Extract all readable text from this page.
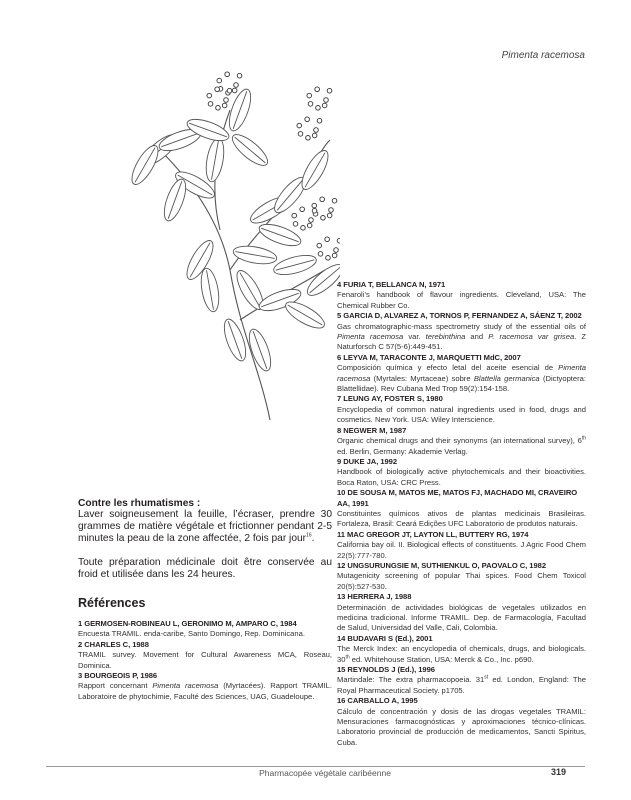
Pimenta racemosa

Contre les rhumatismes :

Laver soigneusement la feuille, l’écraser, prendre 30 grammes de matière végétale et frictionner pendant 2-5 minutes la peau de la zone affectée, 2 fois par jour$^{16}$.

Toute préparation médicinale doit être conservée au froid et utilisée dans les 24 heures.

Références
1 GERMOSEN-ROBINEAU L, GERONIMO M, AMPARO C, 1984
Encuesta TRAMIL. enda-caribe, Santo Domingo, Rep. Dominicana.
2 CHARLES C, 1988
TRAMIL survey. Movement for Cultural Awareness MCA, Roseau, Dominica.
3 BOURGEOIS P, 1986
Rapport concernant Pimenta racemosa (Myrtacées). Rapport TRAMIL. Laboratoire de phytochimie, Faculté des Sciences, UAG, Guadeloupe.
4 FURIA T, BELLANCA N, 1971
Fenaroli’s handbook of flavour ingredients. Cleveland, USA: The Chemical Rubber Co.
5 GARCIA D, ALVAREZ A, TORNOS P, FERNANDEZ A, SÁENZ T, 2002
Gas chromatographic-mass spectrometry study of the essential oils of Pimenta racemosa var. terebinthina and P. racemosa var grisea. Z Naturforsch C 57(5-6):449-451.
6 LEYVA M, TARACONTE J, MARQUETTI MdC, 2007
Composición química y efecto letal del aceite esencial de Pimenta racemosa (Myrtales: Myrtaceae) sobre Blattella germanica (Dictyoptera: Blattellidae). Rev Cubana Med Trop 59(2):154-158.
7 LEUNG AY, FOSTER S, 1980
Encyclopedia of common natural ingredients used in food, drugs and cosmetics. New York. USA: Wiley Interscience.
8 NEGWER M, 1987
Organic chemical drugs and their synonyms (an international survey), 6th ed. Berlin, Germany: Akademie Verlag.
9 DUKE JA, 1992
Handbook of biologically active phytochemicals and their bioactivities. Boca Raton, USA: CRC Press.
10 DE SOUSA M, MATOS ME, MATOS FJ, MACHADO MI, CRAVEIRO AA, 1991
Constituintes químicos ativos de plantas medicinais Brasileiras. Fortaleza, Brasil: Ceará Edições UFC Laboratorio de produtos naturais.
11 MAC GREGOR JT, LAYTON LL, BUTTERY RG, 1974
California bay oil. II. Biological effects of constituents. J Agric Food Chem 22(5):777-780.
12 UNGSURUNGSIE M, SUTHIENKUL O, PAOVALO C, 1982
Mutagenicity screening of popular Thai spices. Food Chem Toxicol 20(5):527-530.
13 HERRERA J, 1988
Determinación de actividades biológicas de vegetales utilizados en medicina tradicional. Informe TRAMIL. Dep. de Farmacología, Facultad de Salud, Universidad del Valle, Cali, Colombia.
14 BUDAVARI S (Ed.), 2001
The Merck Index: an encyclopedia of chemicals, drugs, and biologicals. 30th ed. Whitehouse Station, USA: Merck & Co., Inc. p690.
15 REYNOLDS J (Ed.), 1996
Martindale: The extra pharmacopoeia. 31st ed. London, England: The Royal Pharmaceutical Society. p1705.
16 CARBALLO A, 1995
Cálculo de concentración y dosis de las drogas vegetales TRAMIL: Mensuraciones farmacognósticas y aproximaciones técnico-clínicas. Laboratorio provincial de producción de medicamentos, Sancti Spiritus, Cuba.
Pharmacopée végétale caribéenne	319
